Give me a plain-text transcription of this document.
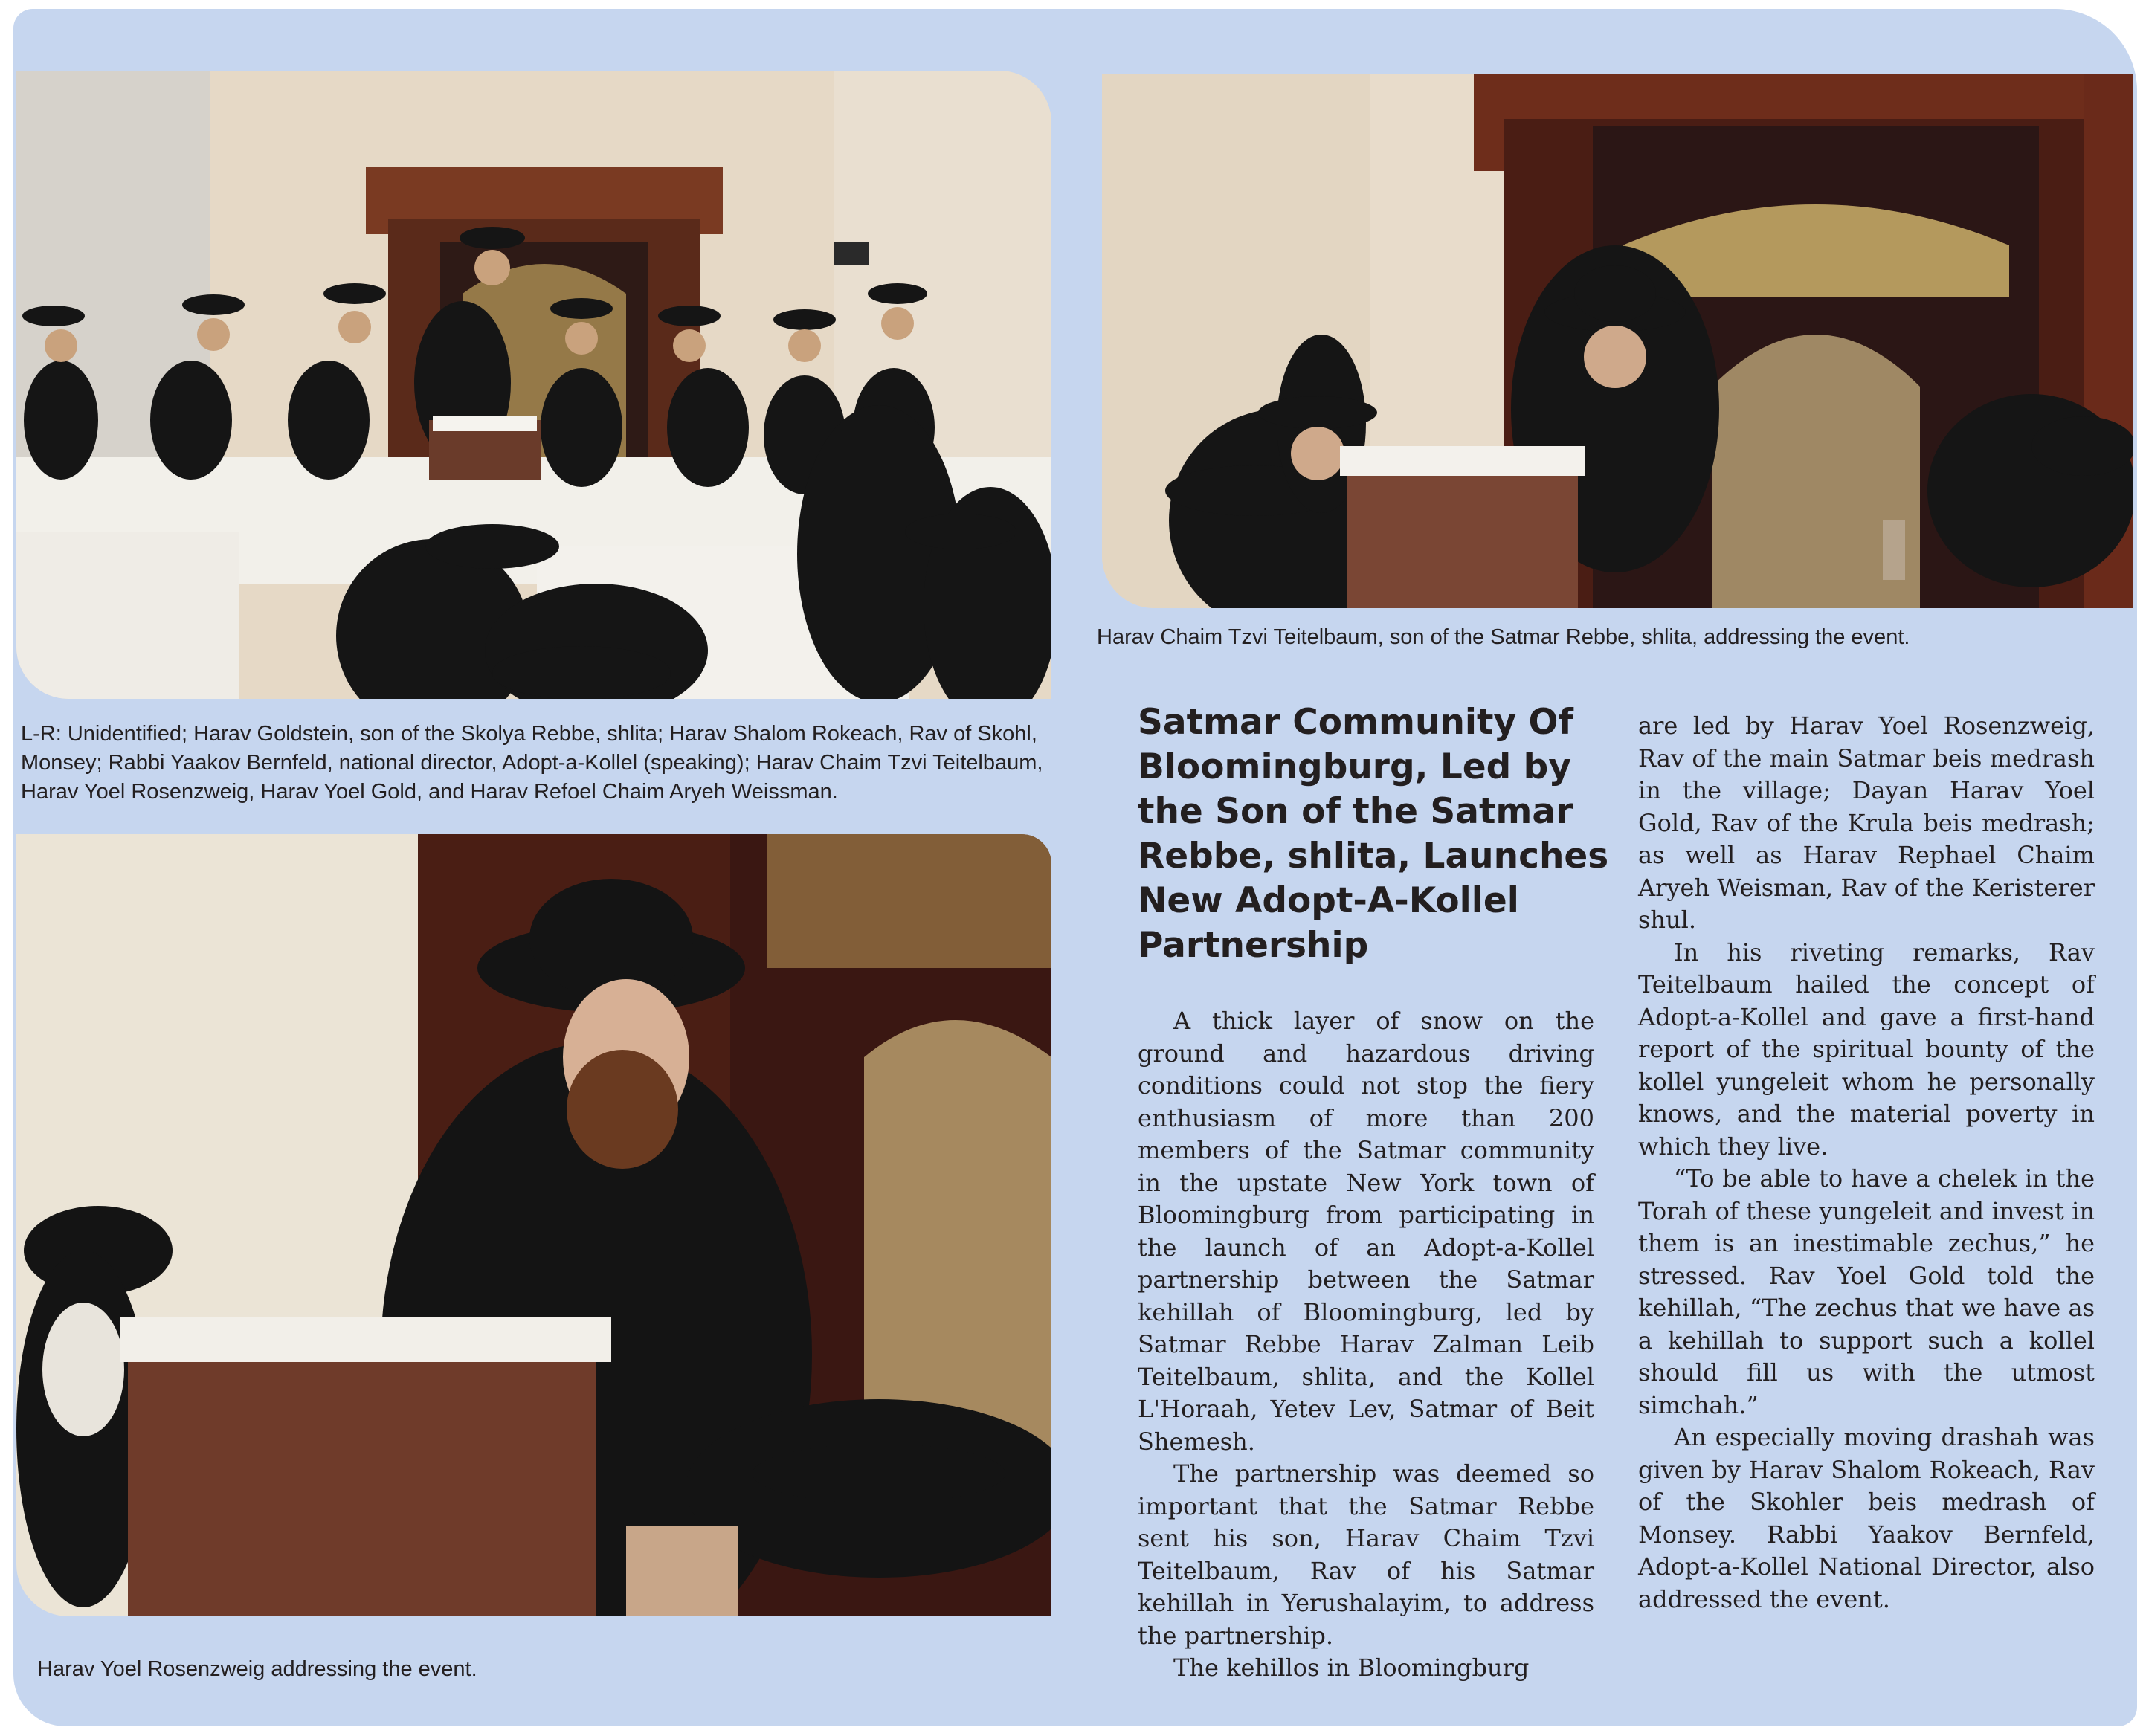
L-R: Unidentified; Harav Goldstein, son of the Skolya Rebbe, shlita; Harav Shalom Rokeach, Rav of Skohl, Monsey; Rabbi Yaakov Bernfeld, national director, Adopt-a-Kollel (speaking); Harav Chaim Tzvi Teitelbaum, Harav Yoel Rosenzweig, Harav Yoel Gold, and Harav Refoel Chaim Aryeh Weissman.
Harav Chaim Tzvi Teitelbaum, son of the Satmar Rebbe, shlita, addressing the event.
Harav Yoel Rosenzweig addressing the event.
Satmar Community Of Bloomingburg, Led by the Son of the Satmar Rebbe, shlita, Launches New Adopt-A-Kollel Partnership

A thick layer of snow on the ground and hazardous driving conditions could not stop the fiery enthusiasm of more than 200 members of the Satmar community in the upstate New York town of Bloomingburg from participating in the launch of an Adopt-a-Kollel partnership between the Satmar kehillah of Bloomingburg, led by Satmar Rebbe Harav Zalman Leib Teitelbaum, shlita, and the Kollel L'Horaah, Yetev Lev, Satmar of Beit Shemesh.

The partnership was deemed so important that the Satmar Rebbe sent his son, Harav Chaim Tzvi Teitelbaum, Rav of his Satmar kehillah in Yerushalayim, to address the partnership.

The kehillos in Bloomingburg

are led by Harav Yoel Rosenzweig, Rav of the main Satmar beis medrash in the village; Dayan Harav Yoel Gold, Rav of the Krula beis medrash; as well as Harav Rephael Chaim Aryeh Weisman, Rav of the Keristerer shul.

In his riveting remarks, Rav Teitelbaum hailed the concept of Adopt-a-Kollel and gave a first-hand report of the spiritual bounty of the kollel yungeleit whom he personally knows, and the material poverty in which they live.

“To be able to have a chelek in the Torah of these yungeleit and invest in them is an inestimable zechus,” he stressed. Rav Yoel Gold told the kehillah, “The zechus that we have as a kehillah to support such a kollel should fill us with the utmost simchah.”

An especially moving drashah was given by Harav Shalom Rokeach, Rav of the Skohler beis medrash of Monsey. Rabbi Yaakov Bernfeld, Adopt-a-Kollel National Director, also addressed the event.
